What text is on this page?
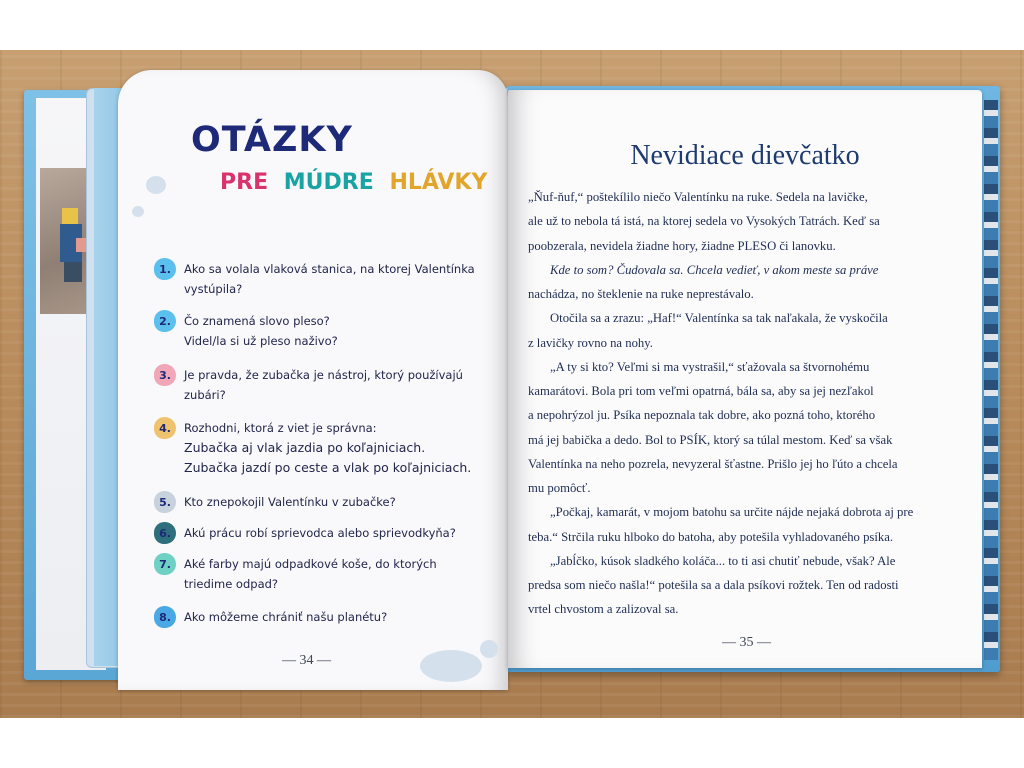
OTÁZKY
PRE MÚDRE HLÁVKY
1.	Ako sa volala vlaková stanica, na ktorej Valentínka
vystúpila?
2.	Čo znamená slovo pleso?
Videl/la si už pleso naživo?
3.	Je pravda, že zubačka je nástroj, ktorý používajú
zubári?
4.	Rozhodni, ktorá z viet je správna:
Zubačka aj vlak jazdia po koľajniciach.
Zubačka jazdí po ceste a vlak po koľajniciach.
5.	Kto znepokojil Valentínku v zubačke?
6.	Akú prácu robí sprievodca alebo sprievodkyňa?
7.	Aké farby majú odpadkové koše, do ktorých
triedime odpad?
8.	Ako môžeme chrániť našu planétu?
— 34 —
Nevidiace dievčatko
„Ňuf-ňuf,“ poštekílilo niečo Valentínku na ruke. Sedela na lavičke,
ale už to nebola tá istá, na ktorej sedela vo Vysokých Tatrách. Keď sa
poobzerala, nevidela žiadne hory, žiadne PLESO či lanovku.
Kde to som? Čudovala sa. Chcela vedieť, v akom meste sa práve
nachádza, no šteklenie na ruke neprestávalo.
Otočila sa a zrazu: „Haf!“ Valentínka sa tak naľakala, že vyskočila
z lavičky rovno na nohy.
„A ty si kto? Veľmi si ma vystrašil,“ sťažovala sa štvornohému
kamarátovi. Bola pri tom veľmi opatrná, bála sa, aby sa jej nezľakol
a nepohrýzol ju. Psíka nepoznala tak dobre, ako pozná toho, ktorého
má jej babička a dedo. Bol to PSÍK, ktorý sa túlal mestom. Keď sa však
Valentínka na neho pozrela, nevyzeral šťastne. Prišlo jej ho ľúto a chcela
mu pomôcť.
„Počkaj, kamarát, v mojom batohu sa určite nájde nejaká dobrota aj pre
teba.“ Strčila ruku hlboko do batoha, aby potešila vyhladovaného psíka.
„Jabĺčko, kúsok sladkého koláča... to ti asi chutiť nebude, však? Ale
predsa som niečo našla!“ potešila sa a dala psíkovi rožtek. Ten od radosti
vrtel chvostom a zalizoval sa.
— 35 —
